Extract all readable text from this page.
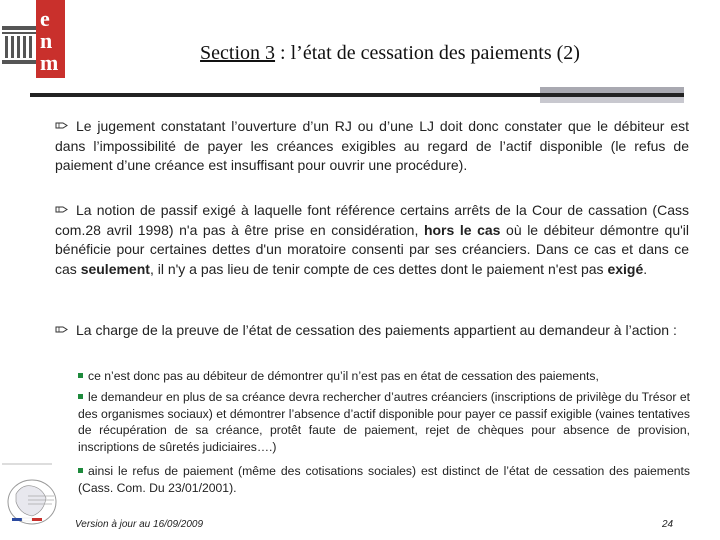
e
n
m	Section 3 : l’état de cessation des paiements (2)
Le jugement constatant l’ouverture d’un RJ ou d’une LJ doit donc constater que le débiteur est dans l’impossibilité de payer les créances exigibles au regard de l’actif disponible (le refus de paiement d’une créance est insuffisant pour ouvrir une procédure).
La notion de passif exigé à laquelle font référence certains arrêts de la Cour de cassation (Cass com.28 avril 1998) n'a pas à être prise en considération, hors le cas où le débiteur démontre qu'il bénéficie pour certaines dettes d'un moratoire consenti par ses créanciers. Dans ce cas et dans ce cas seulement, il n'y a pas lieu de tenir compte de ces dettes dont le paiement n'est pas exigé.
La charge de la preuve de l’état de cessation des paiements appartient au demandeur à l’action :
ce n’est donc pas au débiteur de démontrer qu’il n’est pas en état de cessation des paiements,
le demandeur en plus de sa créance devra rechercher d’autres créanciers (inscriptions de privilège du Trésor et des organismes sociaux) et démontrer l’absence d’actif disponible pour payer ce passif exigible (vaines tentatives de récupération de sa créance, protêt faute de paiement, rejet de chèques pour absence de provision, inscriptions de sûretés judiciaires….)
ainsi le refus de paiement (même des cotisations sociales) est distinct de l’état de cessation des paiements (Cass. Com. Du 23/01/2001).
Version à jour au 16/09/2009	24
